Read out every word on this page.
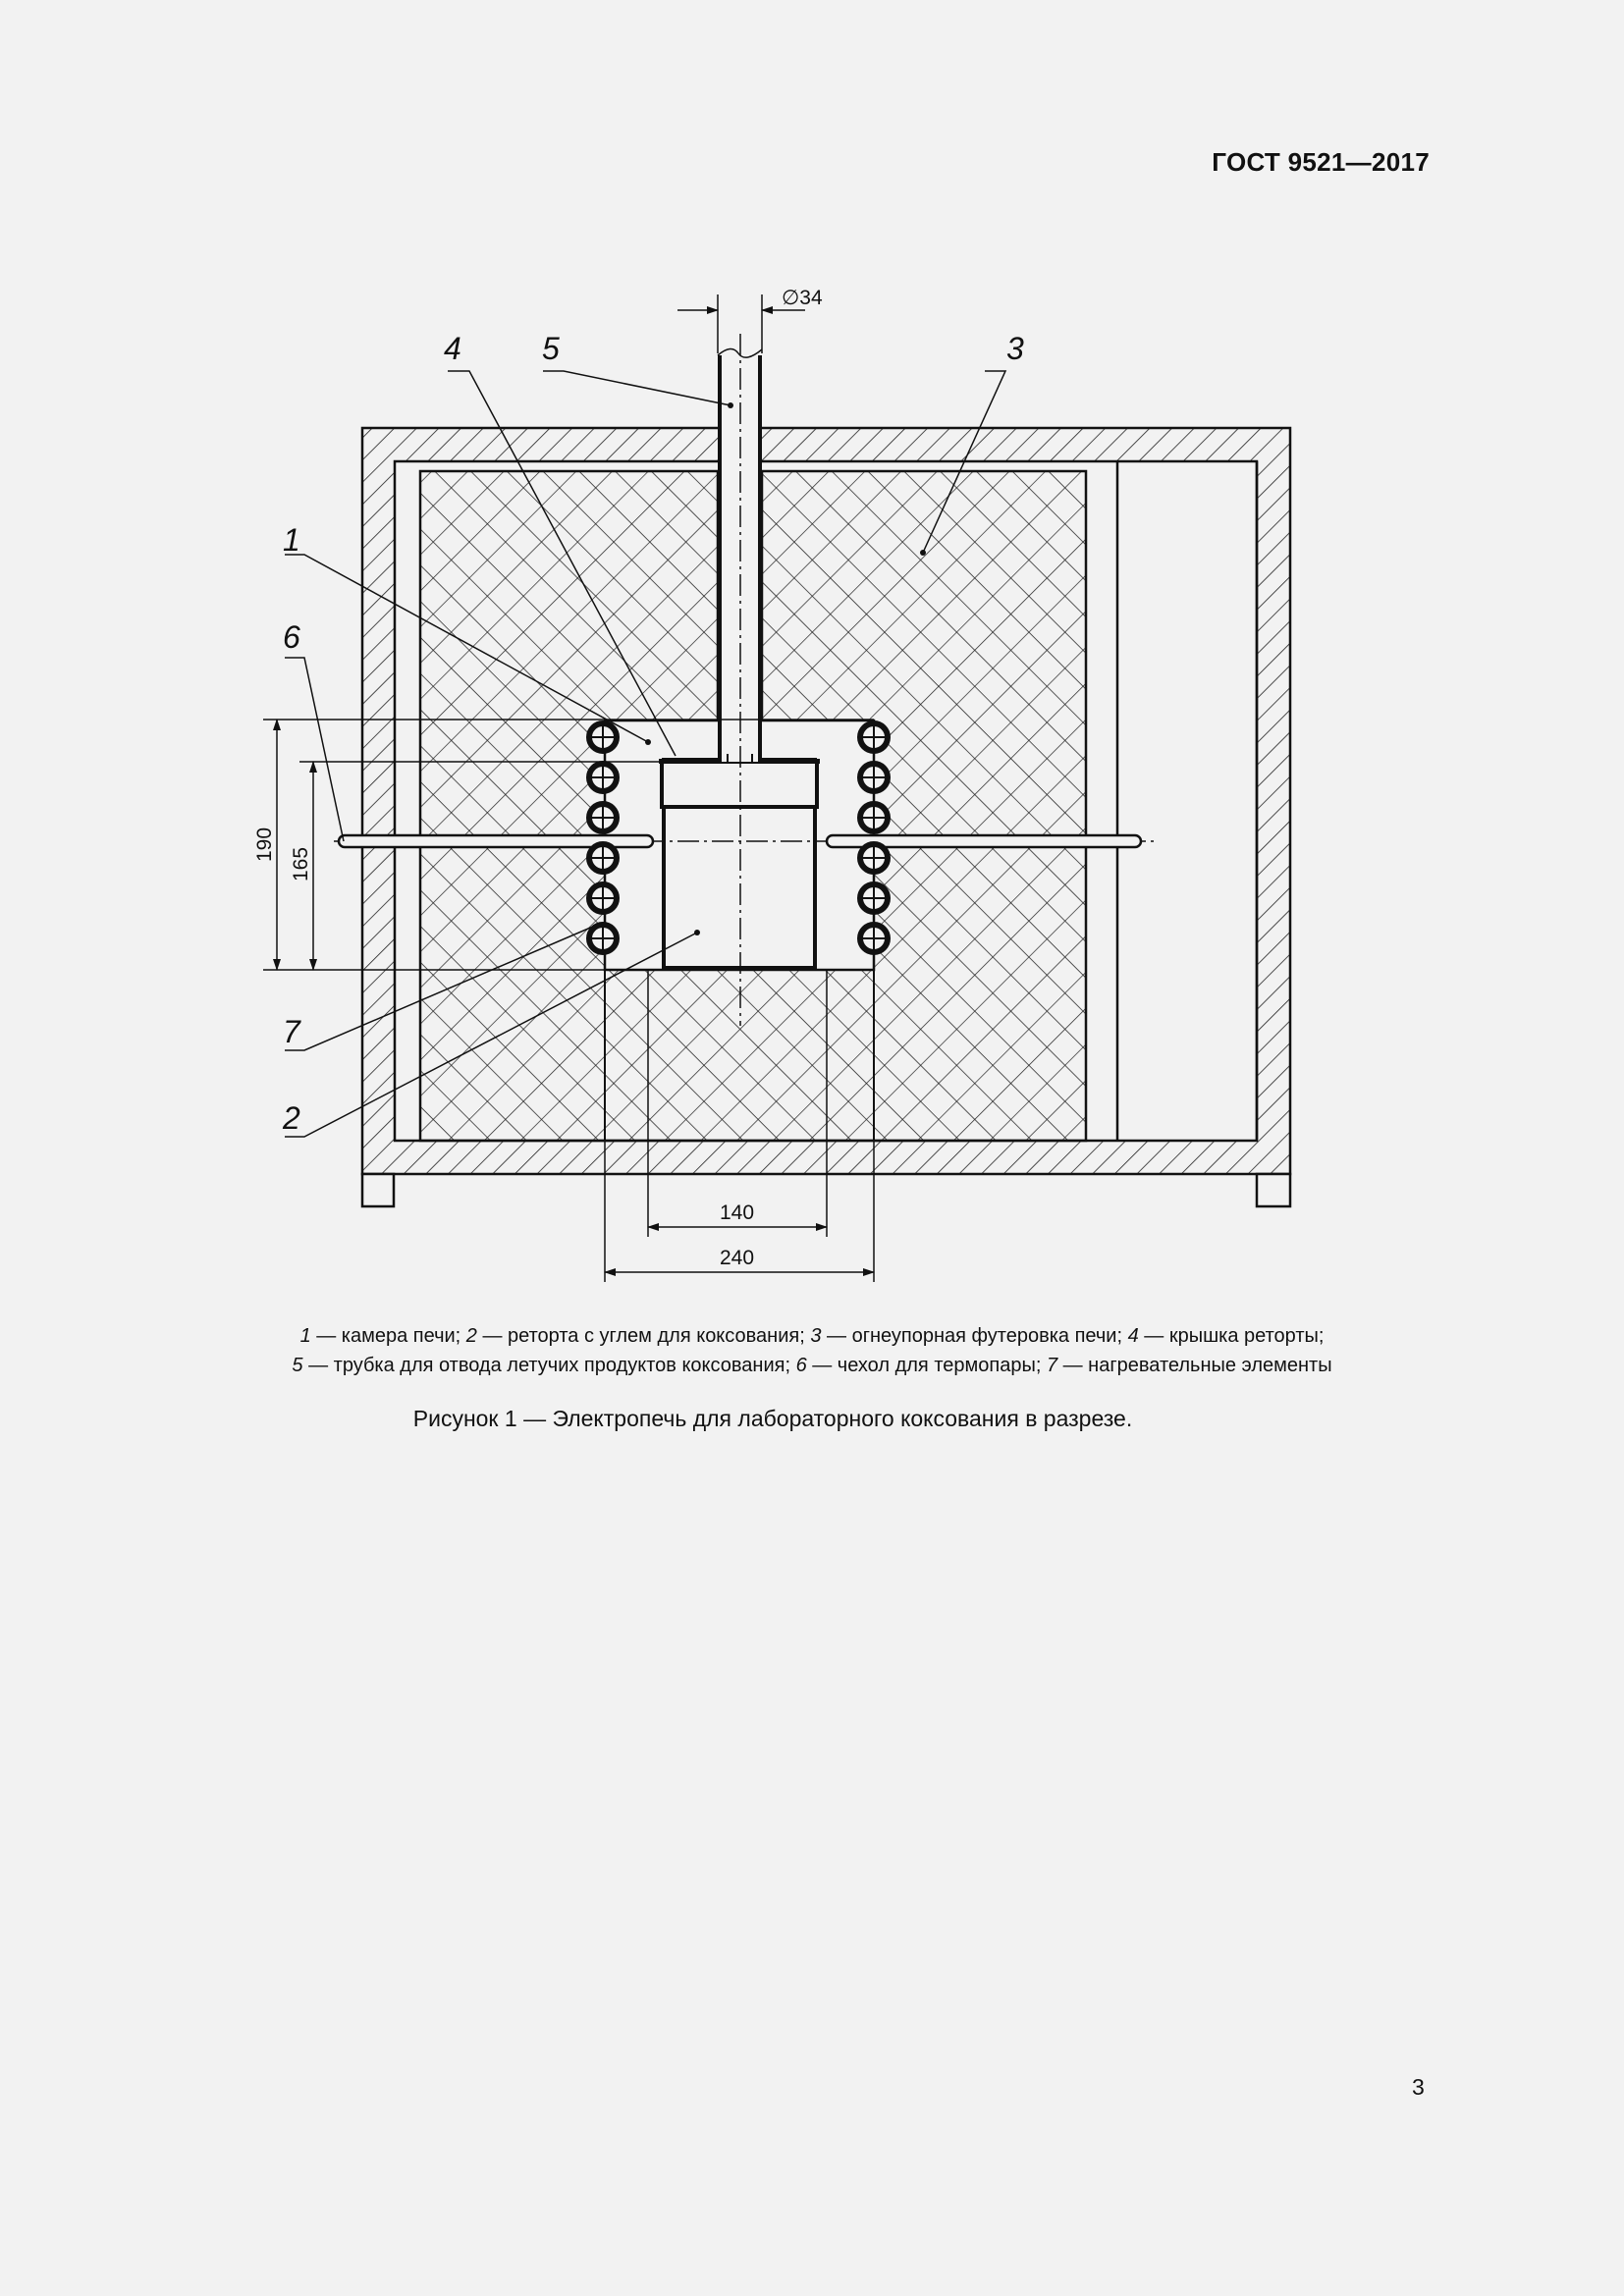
ГОСТ 9521—2017
∅34
190
165
140
240
4	5	3
1
6
7
2
1 — камера печи; 2 — реторта с углем для коксования; 3 — огнеупорная футеровка печи; 4 — крышка реторты;
5 — трубка для отвода летучих продуктов коксования; 6 — чехол для термопары; 7 — нагревательные элементы
Рисунок 1 — Электропечь для лабораторного коксования в разрезе.
3
